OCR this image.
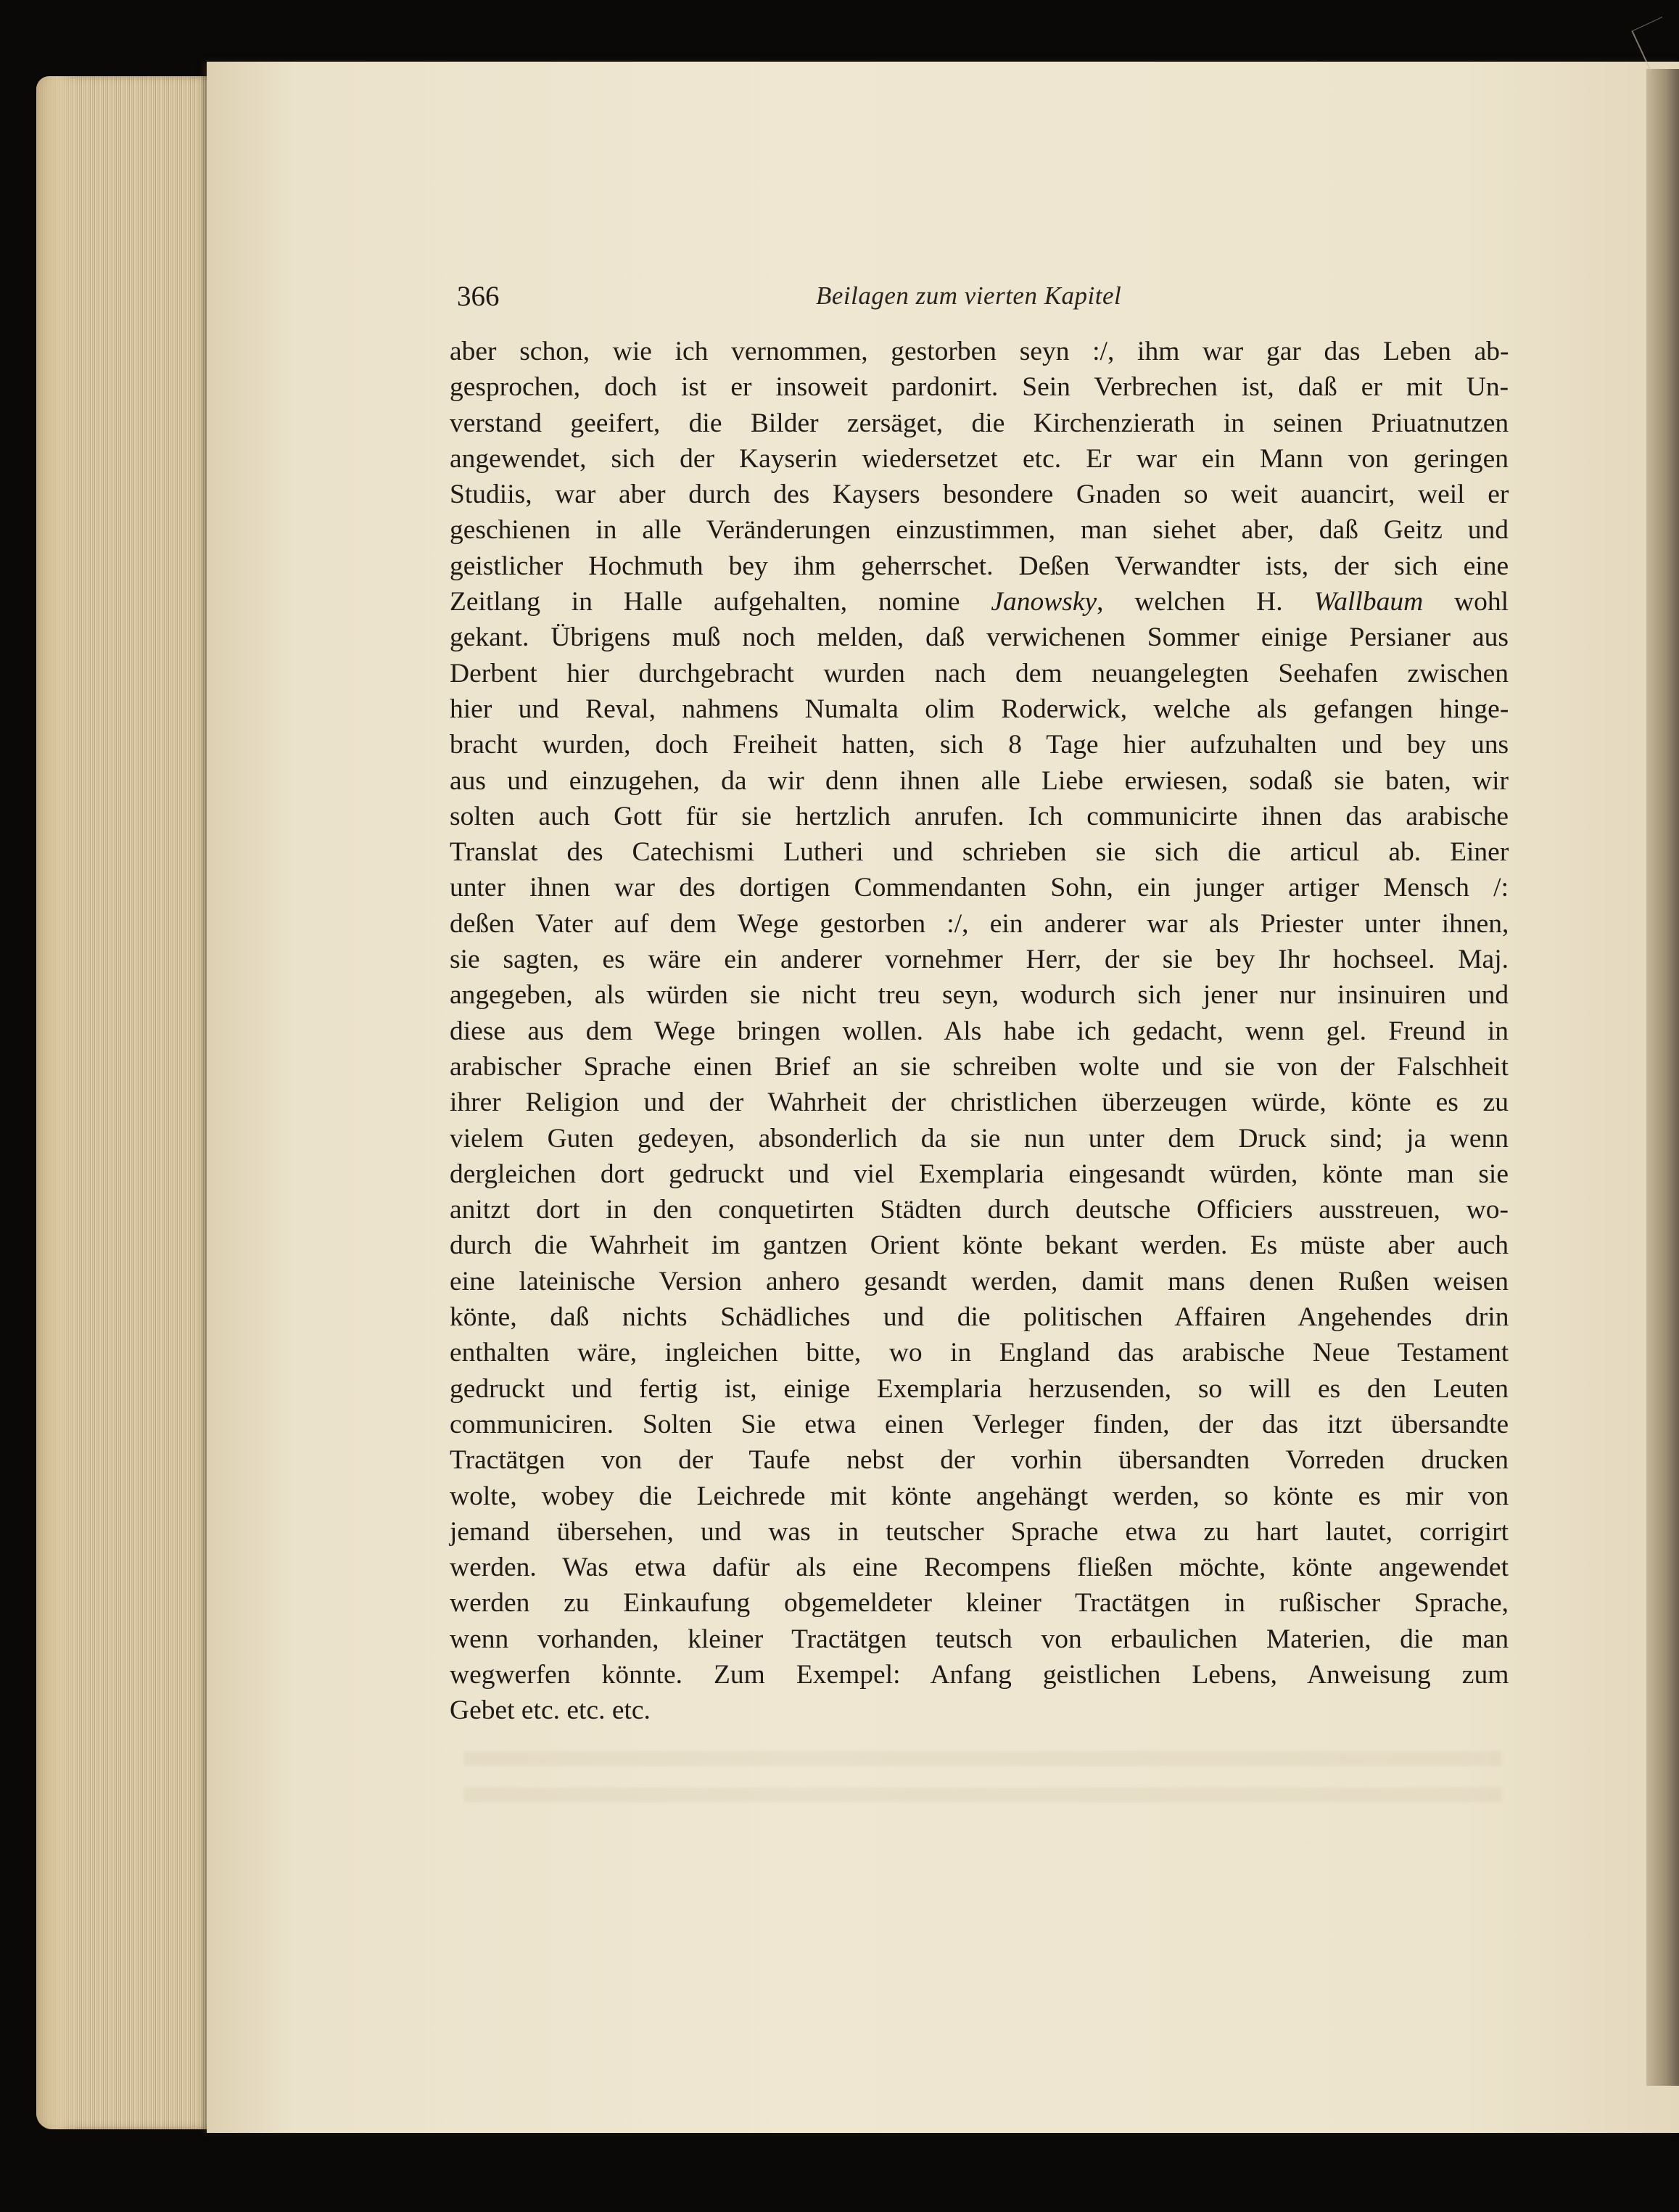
366	Beilagen zum vierten Kapitel
aber schon, wie ich vernommen, gestorben seyn :/, ihm war gar das Leben ab-
gesprochen, doch ist er insoweit pardonirt. Sein Verbrechen ist, daß er mit Un-
verstand geeifert, die Bilder zersäget, die Kirchenzierath in seinen Priuatnutzen
angewendet, sich der Kayserin wiedersetzet etc. Er war ein Mann von geringen
Studiis, war aber durch des Kaysers besondere Gnaden so weit auancirt, weil er
geschienen in alle Veränderungen einzustimmen, man siehet aber, daß Geitz und
geistlicher Hochmuth bey ihm geherrschet. Deßen Verwandter ists, der sich eine
Zeitlang in Halle aufgehalten, nomine Janowsky, welchen H. Wallbaum wohl
gekant. Übrigens muß noch melden, daß verwichenen Sommer einige Persianer aus
Derbent hier durchgebracht wurden nach dem neuangelegten Seehafen zwischen
hier und Reval, nahmens Numalta olim Roderwick, welche als gefangen hinge-
bracht wurden, doch Freiheit hatten, sich 8 Tage hier aufzuhalten und bey uns
aus und einzugehen, da wir denn ihnen alle Liebe erwiesen, sodaß sie baten, wir
solten auch Gott für sie hertzlich anrufen. Ich communicirte ihnen das arabische
Translat des Catechismi Lutheri und schrieben sie sich die articul ab. Einer
unter ihnen war des dortigen Commendanten Sohn, ein junger artiger Mensch /:
deßen Vater auf dem Wege gestorben :/, ein anderer war als Priester unter ihnen,
sie sagten, es wäre ein anderer vornehmer Herr, der sie bey Ihr hochseel. Maj.
angegeben, als würden sie nicht treu seyn, wodurch sich jener nur insinuiren und
diese aus dem Wege bringen wollen. Als habe ich gedacht, wenn gel. Freund in
arabischer Sprache einen Brief an sie schreiben wolte und sie von der Falschheit
ihrer Religion und der Wahrheit der christlichen überzeugen würde, könte es zu
vielem Guten gedeyen, absonderlich da sie nun unter dem Druck sind; ja wenn
dergleichen dort gedruckt und viel Exemplaria eingesandt würden, könte man sie
anitzt dort in den conquetirten Städten durch deutsche Officiers ausstreuen, wo-
durch die Wahrheit im gantzen Orient könte bekant werden. Es müste aber auch
eine lateinische Version anhero gesandt werden, damit mans denen Rußen weisen
könte, daß nichts Schädliches und die politischen Affairen Angehendes drin
enthalten wäre, ingleichen bitte, wo in England das arabische Neue Testament
gedruckt und fertig ist, einige Exemplaria herzusenden, so will es den Leuten
communiciren. Solten Sie etwa einen Verleger finden, der das itzt übersandte
Tractätgen von der Taufe nebst der vorhin übersandten Vorreden drucken
wolte, wobey die Leichrede mit könte angehängt werden, so könte es mir von
jemand übersehen, und was in teutscher Sprache etwa zu hart lautet, corrigirt
werden. Was etwa dafür als eine Recompens fließen möchte, könte angewendet
werden zu Einkaufung obgemeldeter kleiner Tractätgen in rußischer Sprache,
wenn vorhanden, kleiner Tractätgen teutsch von erbaulichen Materien, die man
wegwerfen könnte. Zum Exempel: Anfang geistlichen Lebens, Anweisung zum
Gebet etc. etc. etc.
